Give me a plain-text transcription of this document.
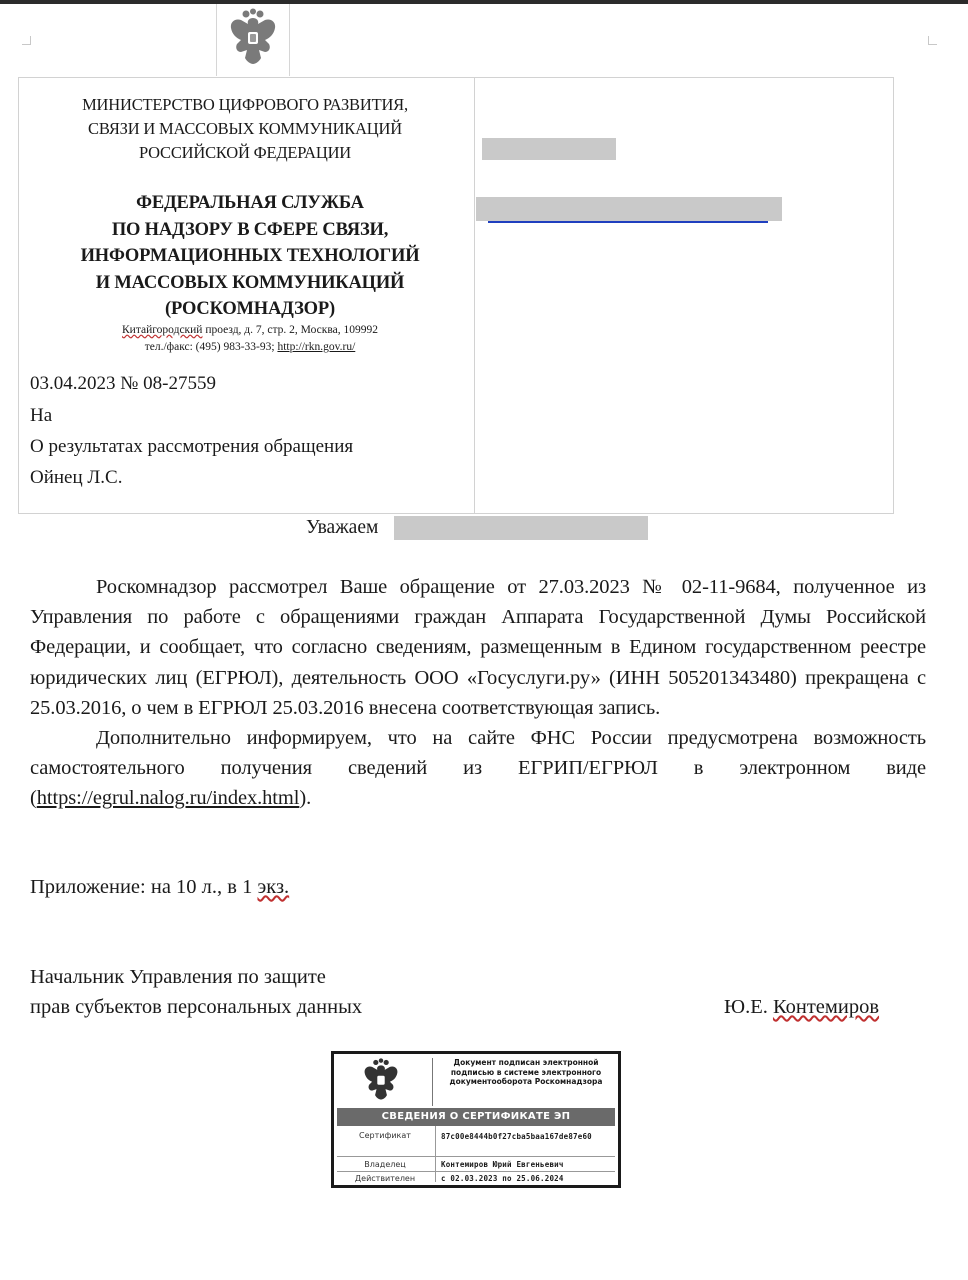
МИНИСТЕРСТВО ЦИФРОВОГО РАЗВИТИЯ,
СВЯЗИ И МАССОВЫХ КОММУНИКАЦИЙ
РОССИЙСКОЙ ФЕДЕРАЦИИ
ФЕДЕРАЛЬНАЯ СЛУЖБА
ПО НАДЗОРУ В СФЕРЕ СВЯЗИ,
ИНФОРМАЦИОННЫХ ТЕХНОЛОГИЙ
И МАССОВЫХ КОММУНИКАЦИЙ
(РОСКОМНАДЗОР)
Китайгородский проезд, д. 7, стр. 2, Москва, 109992
тел./факс: (495) 983-33-93; http://rkn.gov.ru/
03.04.2023 № 08-27559
На
О результатах рассмотрения обращения
Ойнец Л.С.
Уважаем

Роскомнадзор рассмотрел Ваше обращение от 27.03.2023 № 02-11-9684, полученное из Управления по работе с обращениями граждан Аппарата Государственной Думы Российской Федерации, и сообщает, что согласно сведениям, размещенным в Едином государственном реестре юридических лиц (ЕГРЮЛ), деятельность ООО «Госуслуги.ру» (ИНН 505201343480) прекращена с 25.03.2016, о чем в ЕГРЮЛ 25.03.2016 внесена соответствующая запись.

Дополнительно информируем, что на сайте ФНС России предусмотрена возможность самостоятельного получения сведений из ЕГРИП/ЕГРЮЛ в электронном виде (https://egrul.nalog.ru/index.html).

Приложение: на 10 л., в 1 экз.
Начальник Управления по защите
прав субъектов персональных данных	Ю.Е. Контемиров
Документ подписан электронной подписью в системе электронного документооборота Роскомнадзора
СВЕДЕНИЯ О СЕРТИФИКАТЕ ЭП
Сертификат	87c00e8444b0f27cba5baa167de87e60
Владелец	Контемиров Юрий Евгеньевич
Действителен	с 02.03.2023 по 25.06.2024
